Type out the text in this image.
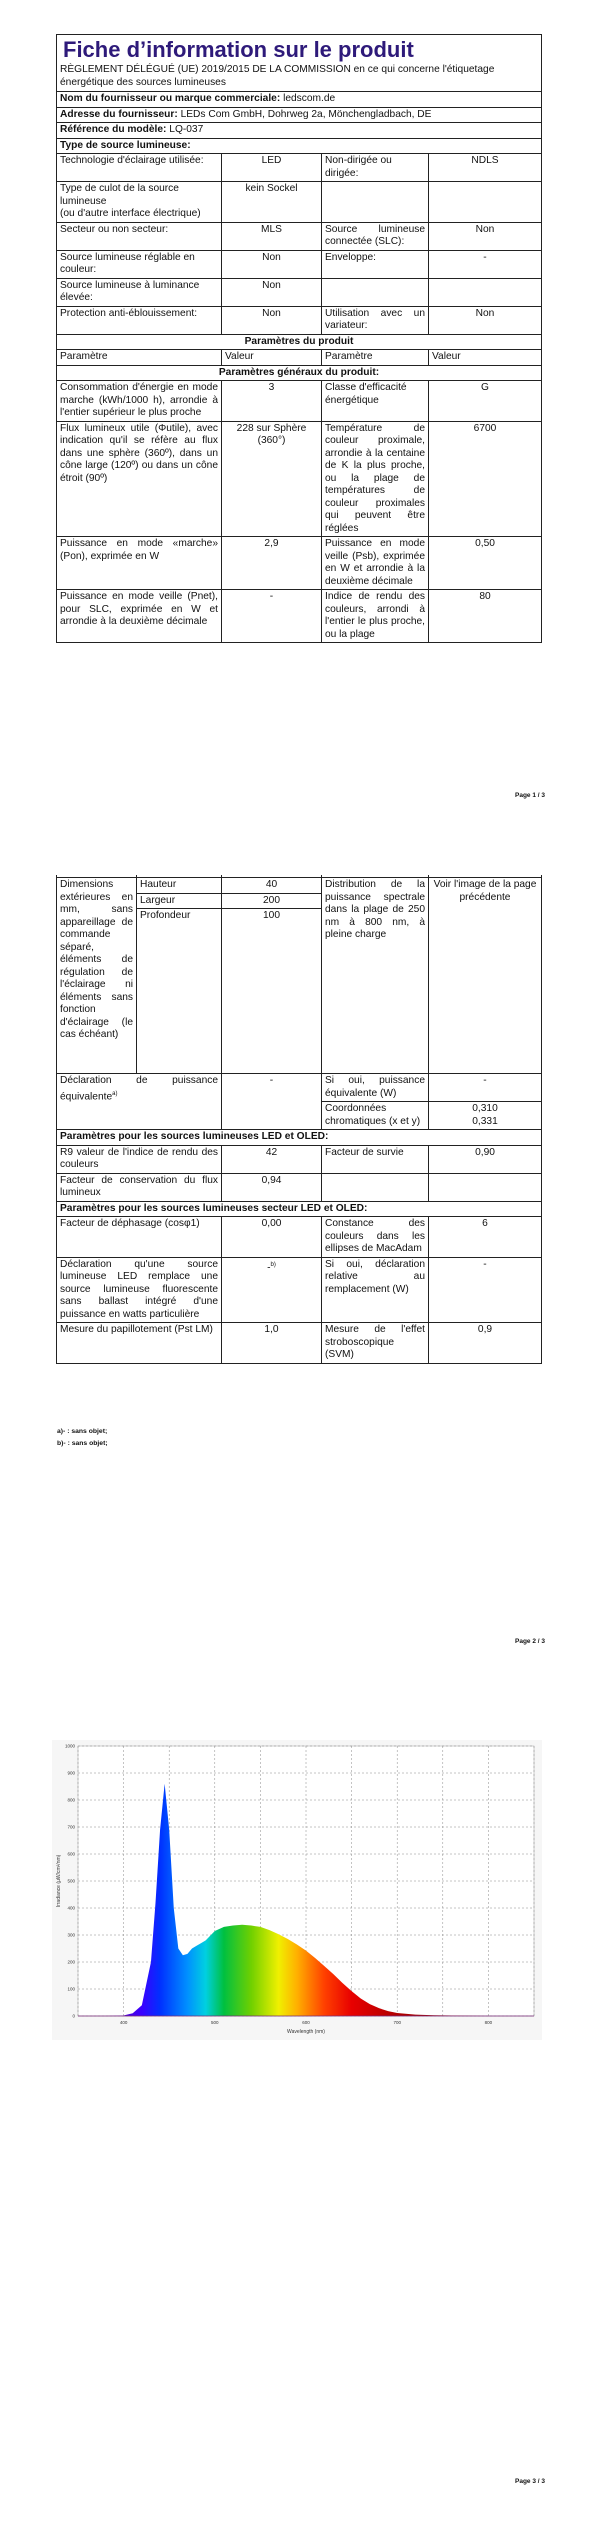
Fiche d’information sur le produit
RÈGLEMENT DÉLÉGUÉ (UE) 2019/2015 DE LA COMMISSION en ce qui concerne l'étiquetage énergétique des sources lumineuses			

Nom du fournisseur ou marque commerciale: ledscom.de			
Adresse du fournisseur: LEDs Com GmbH, Dohrweg 2a, Mönchengladbach, DE			
Référence du modèle: LQ-037			
Type de source lumineuse:			
Technologie d'éclairage utilisée:	LED	Non-dirigée ou dirigée:	NDLS

Type de culot de la source lumineuse
(ou d'autre interface électrique)	kein Sockel		
Secteur ou non secteur:	MLS	Source lumineuse connectée (SLC):	Non
Source lumineuse réglable en couleur:	Non	Enveloppe:	-
Source lumineuse à luminance élevée:	Non		
Protection anti-éblouissement:	Non	Utilisation avec un variateur:	Non
Paramètres du produit			
Paramètre	Valeur	Paramètre	Valeur
Paramètres généraux du produit:			
Consommation d'énergie en mode marche (kWh/1000 h), arrondie à l'entier supérieur le plus proche	3	Classe d'efficacité énergétique	G
Flux lumineux utile (Φutile), avec indication qu'il se réfère au flux dans une sphère (360º), dans un cône large (120º) ou dans un cône étroit (90º)	228 sur Sphère (360°)	Température de couleur proximale, arrondie à la centaine de K la plus proche, ou la plage de températures de couleur proximales qui peuvent être réglées	6700
Puissance en mode «marche» (Pon), exprimée en W	2,9	Puissance en mode veille (Psb), exprimée en W et arrondie à la deuxième décimale	0,50
Puissance en mode veille (Pnet), pour SLC, exprimée en W et arrondie à la deuxième décimale	-	Indice de rendu des couleurs, arrondi à l'entier le plus proche, ou la plage	80
Page 1 / 3

Dimensions extérieures en mm, sans appareillage de commande séparé, éléments de régulation de l'éclairage ni éléments sans fonction d'éclairage (le cas échéant)	Hauteur	40	Distribution de la puissance spectrale dans la plage de 250 nm à 800 nm, à pleine charge	Voir l'image de la page précédente
	Largeur	200		
	Profondeur	100		
Déclaration de puissance équivalente$^{a)}$		-	Si oui, puissance équivalente (W)	-
			Coordonnées chromatiques (x et y)	0,310
0,331

Paramètres pour les sources lumineuses LED et OLED:				
R9 valeur de l'indice de rendu des couleurs		42	Facteur de survie	0,90
Facteur de conservation du flux lumineux		0,94		
Paramètres pour les sources lumineuses secteur LED et OLED:				
Facteur de déphasage (cosφ1)		0,00	Constance des couleurs dans les ellipses de MacAdam	6
Déclaration qu'une source lumineuse LED remplace une source lumineuse fluorescente sans ballast intégré d'une puissance en watts particulière		-$^{b)}$	Si oui, déclaration relative au remplacement (W)	-
Mesure du papillotement (Pst LM)		1,0	Mesure de l'effet stroboscopique (SVM)	0,9
a)- : sans objet;
b)- : sans objet;
Page 2 / 3
400	500	600	700	800
0
100
200
300
400
500
600
700
800
900
1000
Wavelength (nm)
Irradiance (µW/cm²/nm)
Page 3 / 3
